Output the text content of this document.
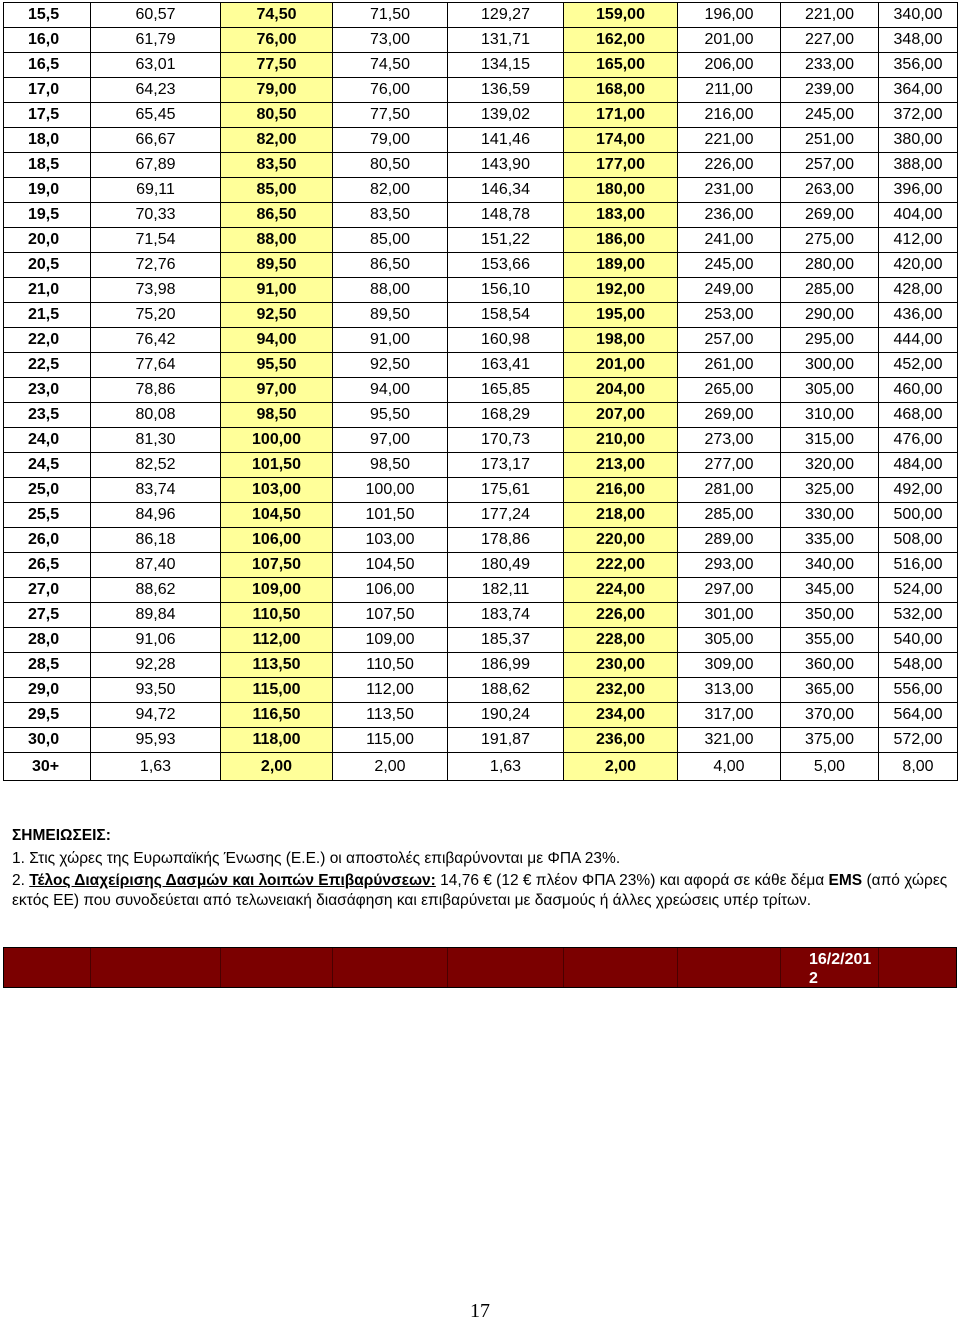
15,5	60,57	74,50	71,50	129,27	159,00	196,00	221,00	340,00
16,0	61,79	76,00	73,00	131,71	162,00	201,00	227,00	348,00
16,5	63,01	77,50	74,50	134,15	165,00	206,00	233,00	356,00
17,0	64,23	79,00	76,00	136,59	168,00	211,00	239,00	364,00
17,5	65,45	80,50	77,50	139,02	171,00	216,00	245,00	372,00
18,0	66,67	82,00	79,00	141,46	174,00	221,00	251,00	380,00
18,5	67,89	83,50	80,50	143,90	177,00	226,00	257,00	388,00
19,0	69,11	85,00	82,00	146,34	180,00	231,00	263,00	396,00
19,5	70,33	86,50	83,50	148,78	183,00	236,00	269,00	404,00
20,0	71,54	88,00	85,00	151,22	186,00	241,00	275,00	412,00
20,5	72,76	89,50	86,50	153,66	189,00	245,00	280,00	420,00
21,0	73,98	91,00	88,00	156,10	192,00	249,00	285,00	428,00
21,5	75,20	92,50	89,50	158,54	195,00	253,00	290,00	436,00
22,0	76,42	94,00	91,00	160,98	198,00	257,00	295,00	444,00
22,5	77,64	95,50	92,50	163,41	201,00	261,00	300,00	452,00
23,0	78,86	97,00	94,00	165,85	204,00	265,00	305,00	460,00
23,5	80,08	98,50	95,50	168,29	207,00	269,00	310,00	468,00
24,0	81,30	100,00	97,00	170,73	210,00	273,00	315,00	476,00
24,5	82,52	101,50	98,50	173,17	213,00	277,00	320,00	484,00
25,0	83,74	103,00	100,00	175,61	216,00	281,00	325,00	492,00
25,5	84,96	104,50	101,50	177,24	218,00	285,00	330,00	500,00
26,0	86,18	106,00	103,00	178,86	220,00	289,00	335,00	508,00
26,5	87,40	107,50	104,50	180,49	222,00	293,00	340,00	516,00
27,0	88,62	109,00	106,00	182,11	224,00	297,00	345,00	524,00
27,5	89,84	110,50	107,50	183,74	226,00	301,00	350,00	532,00
28,0	91,06	112,00	109,00	185,37	228,00	305,00	355,00	540,00
28,5	92,28	113,50	110,50	186,99	230,00	309,00	360,00	548,00
29,0	93,50	115,00	112,00	188,62	232,00	313,00	365,00	556,00
29,5	94,72	116,50	113,50	190,24	234,00	317,00	370,00	564,00
30,0	95,93	118,00	115,00	191,87	236,00	321,00	375,00	572,00
30+	1,63	2,00	2,00	1,63	2,00	4,00	5,00	8,00

ΣΗΜΕΙΩΣΕΙΣ:

1. Στις χώρες της Ευρωπαϊκής Ένωσης (Ε.Ε.) οι αποστολές επιβαρύνονται με ΦΠΑ 23%.

2. Τέλος Διαχείρισης Δασμών και λοιπών Επιβαρύνσεων: 14,76 € (12 € πλέον ΦΠΑ 23%) και αφορά σε κάθε δέμα EMS (από χώρες εκτός ΕΕ) που συνοδεύεται από τελωνειακή διασάφηση και επιβαρύνεται με δασμούς ή άλλες χρεώσεις υπέρ τρίτων.

16/2/2012
17
